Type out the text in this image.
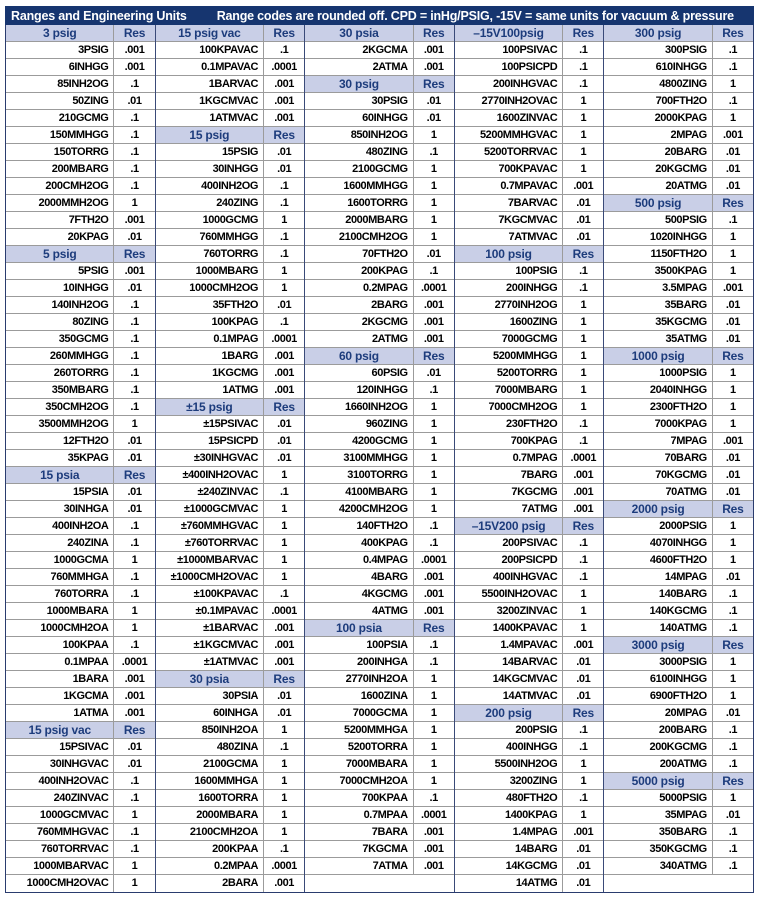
Ranges and Engineering Units Range codes are rounded off. CPD = inHg/PSIG, -15V = same units for vacuum & pressure
3 psig	Res
3PSIG	.001
6INHGG	.001
85INH2OG	.1
50ZING	.01
210GCMG	.1
150MMHGG	.1
150TORRG	.1
200MBARG	.1
200CMH2OG	.1
2000MMH2OG	1
7FTH2O	.001
20KPAG	.01
5 psig	Res
5PSIG	.001
10INHGG	.01
140INH2OG	.1
80ZING	.1
350GCMG	.1
260MMHGG	.1
260TORRG	.1
350MBARG	.1
350CMH2OG	.1
3500MMH2OG	1
12FTH2O	.01
35KPAG	.01
15 psia	Res
15PSIA	.01
30INHGA	.01
400INH2OA	.1
240ZINA	.1
1000GCMA	1
760MMHGA	.1
760TORRA	.1
1000MBARA	1
1000CMH2OA	1
100KPAA	.1
0.1MPAA	.0001
1BARA	.001
1KGCMA	.001
1ATMA	.001
15 psig vac	Res
15PSIVAC	.01
30INHGVAC	.01
400INH2OVAC	.1
240ZINVAC	.1
1000GCMVAC	1
760MMHGVAC	.1
760TORRVAC	.1
1000MBARVAC	1
1000CMH2OVAC	1
15 psig vac	Res
100KPAVAC	.1
0.1MPAVAC	.0001
1BARVAC	.001
1KGCMVAC	.001
1ATMVAC	.001
15 psig	Res
15PSIG	.01
30INHGG	.01
400INH2OG	.1
240ZING	.1
1000GCMG	1
760MMHGG	.1
760TORRG	.1
1000MBARG	1
1000CMH2OG	1
35FTH2O	.01
100KPAG	.1
0.1MPAG	.0001
1BARG	.001
1KGCMG	.001
1ATMG	.001
±15 psig	Res
±15PSIVAC	.01
15PSICPD	.01
±30INHGVAC	.01
±400INH2OVAC	1
±240ZINVAC	.1
±1000GCMVAC	1
±760MMHGVAC	1
±760TORRVAC	1
±1000MBARVAC	1
±1000CMH2OVAC	1
±100KPAVAC	.1
±0.1MPAVAC	.0001
±1BARVAC	.001
±1KGCMVAC	.001
±1ATMVAC	.001
30 psia	Res
30PSIA	.01
60INHGA	.01
850INH2OA	1
480ZINA	.1
2100GCMA	1
1600MMHGA	1
1600TORRA	1
2000MBARA	1
2100CMH2OA	1
200KPAA	.1
0.2MPAA	.0001
2BARA	.001
30 psia	Res
2KGCMA	.001
2ATMA	.001
30 psig	Res
30PSIG	.01
60INHGG	.01
850INH2OG	1
480ZING	.1
2100GCMG	1
1600MMHGG	1
1600TORRG	1
2000MBARG	1
2100CMH2OG	1
70FTH2O	.01
200KPAG	.1
0.2MPAG	.0001
2BARG	.001
2KGCMG	.001
2ATMG	.001
60 psig	Res
60PSIG	.01
120INHGG	.1
1660INH2OG	1
960ZING	1
4200GCMG	1
3100MMHGG	1
3100TORRG	1
4100MBARG	1
4200CMH2OG	1
140FTH2O	.1
400KPAG	.1
0.4MPAG	.0001
4BARG	.001
4KGCMG	.001
4ATMG	.001
100 psia	Res
100PSIA	.1
200INHGA	.1
2770INH2OA	1
1600ZINA	1
7000GCMA	1
5200MMHGA	1
5200TORRA	1
7000MBARA	1
7000CMH2OA	1
700KPAA	.1
0.7MPAA	.0001
7BARA	.001
7KGCMA	.001
7ATMA	.001
–15V100psig	Res
100PSIVAC	.1
100PSICPD	.1
200INHGVAC	.1
2770INH2OVAC	1
1600ZINVAC	1
5200MMHGVAC	1
5200TORRVAC	1
700KPAVAC	1
0.7MPAVAC	.001
7BARVAC	.01
7KGCMVAC	.01
7ATMVAC	.01
100 psig	Res
100PSIG	.1
200INHGG	.1
2770INH2OG	1
1600ZING	1
7000GCMG	1
5200MMHGG	1
5200TORRG	1
7000MBARG	1
7000CMH2OG	1
230FTH2O	.1
700KPAG	.1
0.7MPAG	.0001
7BARG	.001
7KGCMG	.001
7ATMG	.001
–15V200 psig	Res
200PSIVAC	.1
200PSICPD	.1
400INHGVAC	.1
5500INH2OVAC	1
3200ZINVAC	1
1400KPAVAC	1
1.4MPAVAC	.001
14BARVAC	.01
14KGCMVAC	.01
14ATMVAC	.01
200 psig	Res
200PSIG	.1
400INHGG	.1
5500INH2OG	1
3200ZING	1
480FTH2O	.1
1400KPAG	1
1.4MPAG	.001
14BARG	.01
14KGCMG	.01
14ATMG	.01
300 psig	Res
300PSIG	.1
610INHGG	.1
4800ZING	1
700FTH2O	.1
2000KPAG	1
2MPAG	.001
20BARG	.01
20KGCMG	.01
20ATMG	.01
500 psig	Res
500PSIG	.1
1020INHGG	1
1150FTH2O	1
3500KPAG	1
3.5MPAG	.001
35BARG	.01
35KGCMG	.01
35ATMG	.01
1000 psig	Res
1000PSIG	1
2040INHGG	1
2300FTH2O	1
7000KPAG	1
7MPAG	.001
70BARG	.01
70KGCMG	.01
70ATMG	.01
2000 psig	Res
2000PSIG	1
4070INHGG	1
4600FTH2O	1
14MPAG	.01
140BARG	.1
140KGCMG	.1
140ATMG	.1
3000 psig	Res
3000PSIG	1
6100INHGG	1
6900FTH2O	1
20MPAG	.01
200BARG	.1
200KGCMG	.1
200ATMG	.1
5000 psig	Res
5000PSIG	1
35MPAG	.01
350BARG	.1
350KGCMG	.1
340ATMG	.1
